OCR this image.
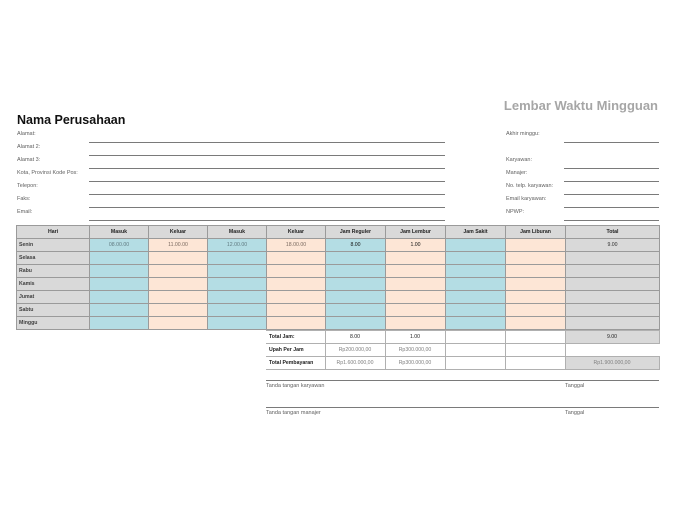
Lembar Waktu Mingguan
Nama Perusahaan
Alamat:
Alamat 2:
Alamat 3:
Kota, Provinsi Kode Pos:
Telepon:
Faks:
Email:
Akhir minggu:
Karyawan:
Manajer:
No. telp. karyawan:
Email karyawan:
NPWP:
Hari	Masuk	Keluar	Masuk	Keluar	Jam Reguler	Jam Lembur	Jam Sakit	Jam Liburan	Total
Senin	08.00.00	11.00.00	12.00.00	18.00.00	8.00	1.00			9.00
Selasa									
Rabu									
Kamis									
Jumat									
Sabtu									
Minggu									
Total Jam:	8.00	1.00			9.00
Upah Per Jam	Rp200.000,00	Rp300.000,00			
Total Pembayaran	Rp1.600.000,00	Rp300.000,00			Rp1.900.000,00
Tanda tangan karyawan	Tanggal
Tanda tangan manajer	Tanggal
